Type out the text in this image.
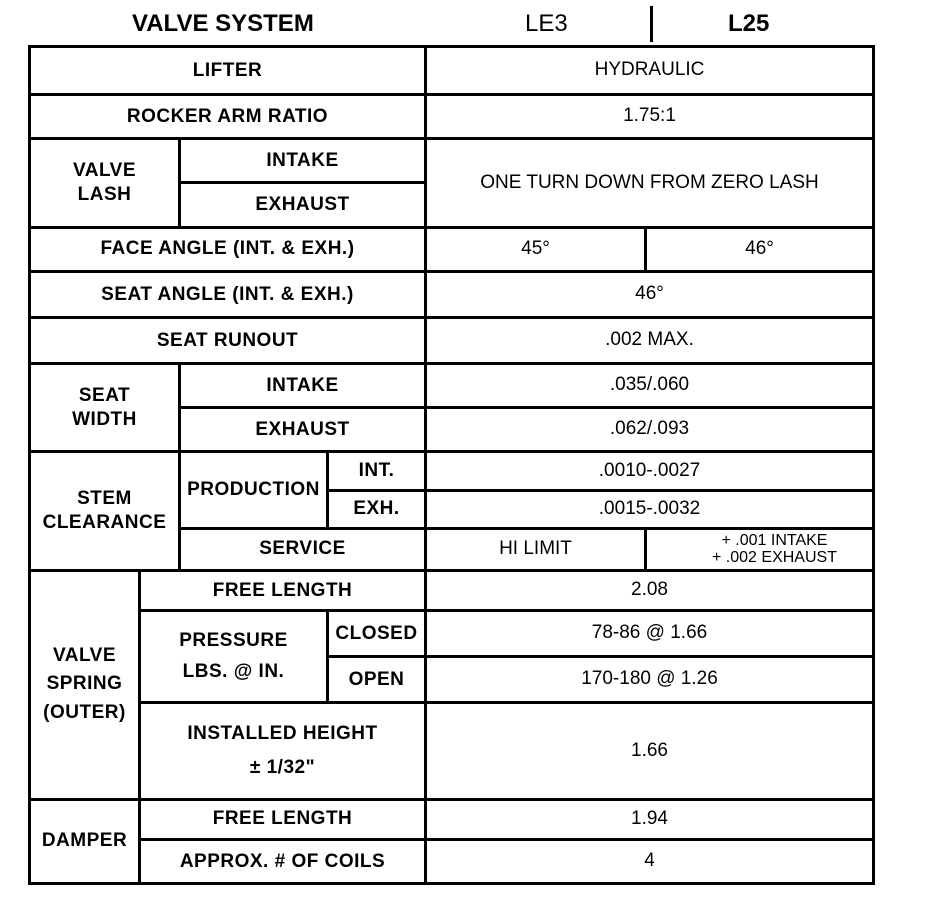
VALVE SYSTEM	LE3	L25
LIFTER				HYDRAULIC	
ROCKER ARM RATIO				1.75:1	
VALVE
LASH		INTAKE		ONE TURN DOWN FROM ZERO LASH	
		EXHAUST			
FACE ANGLE (INT. & EXH.)				45°	46°
SEAT ANGLE (INT. & EXH.)				46°	
SEAT RUNOUT				.002 MAX.	
SEAT
WIDTH		INTAKE		.035/.060	
		EXHAUST		.062/.093	
STEM
CLEARANCE		PRODUCTION	INT.	.0010-.0027	
			EXH.	.0015-.0032	
		SERVICE		HI LIMIT	+ .001 INTAKE
+ .002 EXHAUST

VALVE
SPRING
(OUTER)	FREE LENGTH			2.08	
	PRESSURE
LBS. @ IN.		CLOSED	78-86 @ 1.66	
			OPEN	170-180 @ 1.26	
	INSTALLED HEIGHT
± 1/32"			1.66	
DAMPER	FREE LENGTH			1.94	
	APPROX. # OF COILS			4	
